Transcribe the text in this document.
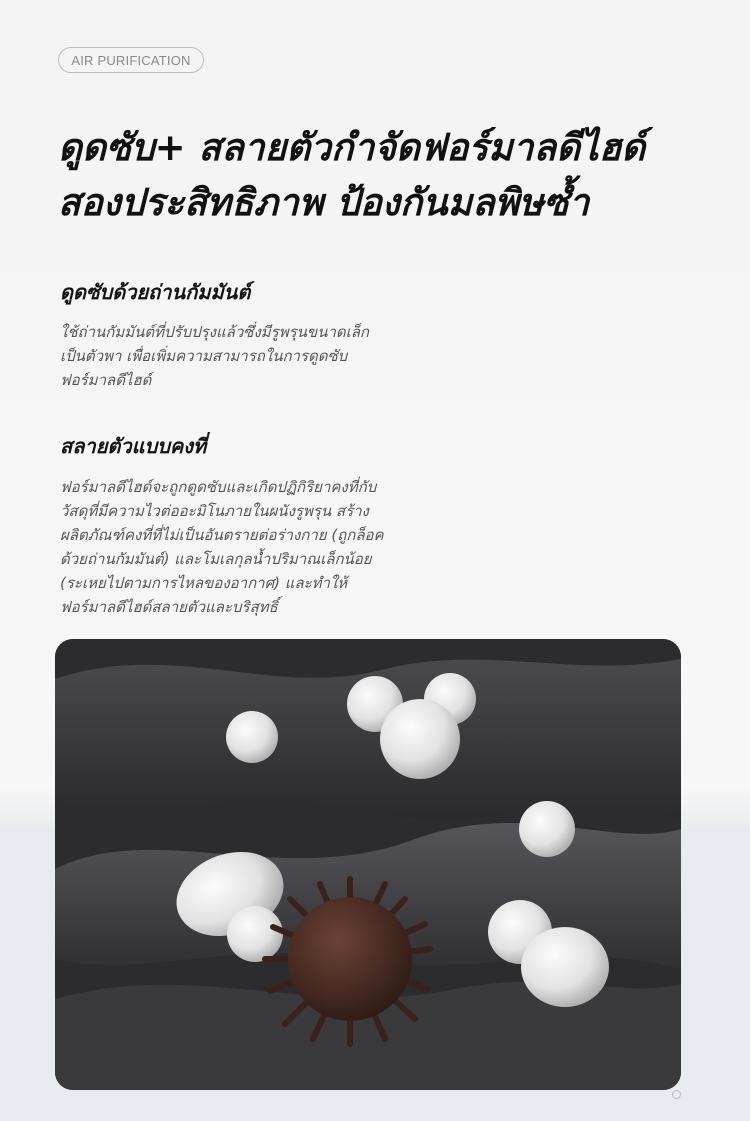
AIR PURIFICATION
ดูดซับ+ สลายตัวกำจัดฟอร์มาลดีไฮด์
สองประสิทธิภาพ ป้องกันมลพิษซ้ำ
ดูดซับด้วยถ่านกัมมันต์
ใช้ถ่านกัมมันต์ที่ปรับปรุงแล้วซึ่งมีรูพรุนขนาดเล็ก
เป็นตัวพา เพื่อเพิ่มความสามารถในการดูดซับ
ฟอร์มาลดีไฮด์
สลายตัวแบบคงที่
ฟอร์มาลดีไฮด์จะถูกดูดซับและเกิดปฏิกิริยาคงที่กับ
วัสดุที่มีความไวต่ออะมิโนภายในผนังรูพรุน สร้าง
ผลิตภัณฑ์คงที่ที่ไม่เป็นอันตรายต่อร่างกาย (ถูกล็อค
ด้วยถ่านกัมมันต์) และโมเลกุลน้ำปริมาณเล็กน้อย
(ระเหยไปตามการไหลของอากาศ) และทำให้
ฟอร์มาลดีไฮด์สลายตัวและบริสุทธิ์
